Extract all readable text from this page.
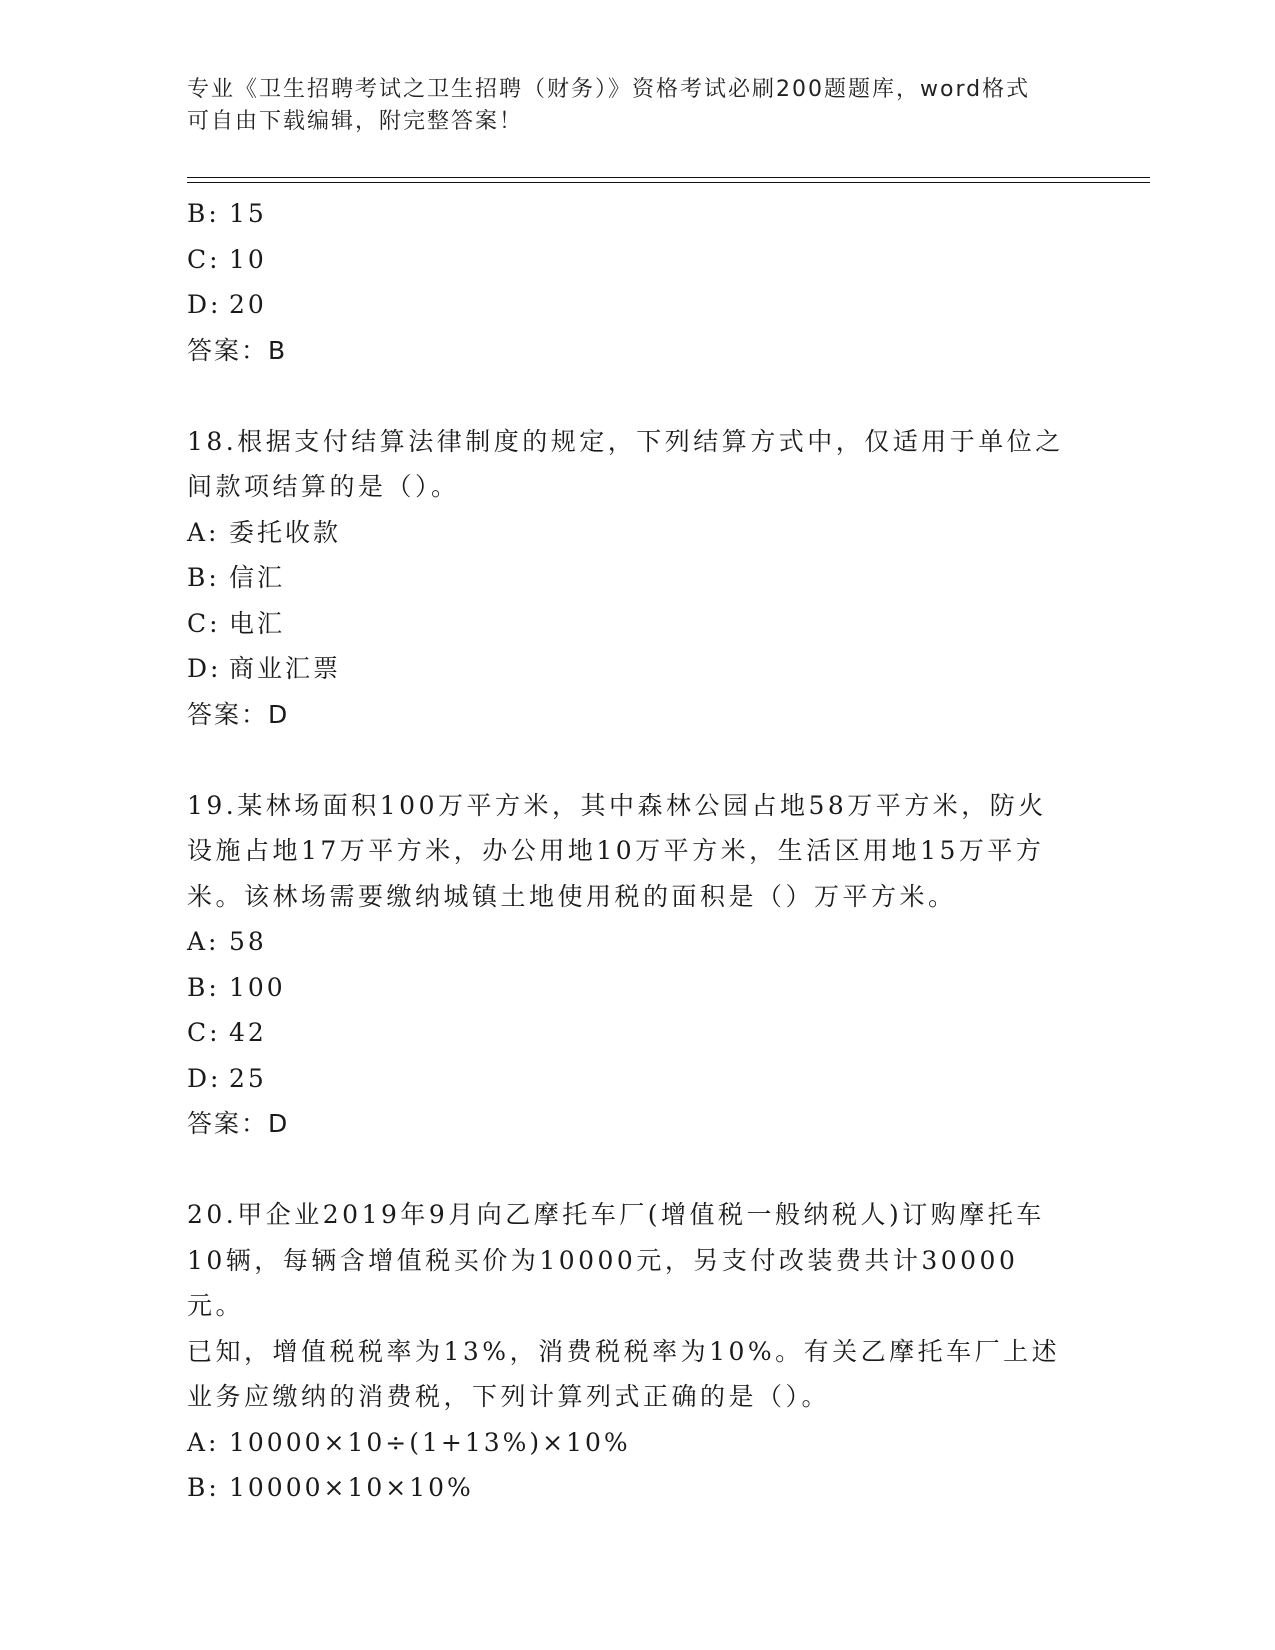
专业《卫生招聘考试之卫生招聘（财务）》资格考试必刷200题题库，word格式
可自由下载编辑，附完整答案！
B: 15
C: 10
D: 20
答案：B
18.根据支付结算法律制度的规定，下列结算方式中，仅适用于单位之
间款项结算的是（）。
A: 委托收款
B: 信汇
C: 电汇
D: 商业汇票
答案：D
19.某林场面积100万平方米，其中森林公园占地58万平方米，防火
设施占地17万平方米，办公用地10万平方米，生活区用地15万平方
米。该林场需要缴纳城镇土地使用税的面积是（）万平方米。
A: 58
B: 100
C: 42
D: 25
答案：D
20.甲企业2019年9月向乙摩托车厂(增值税一般纳税人)订购摩托车
10辆，每辆含增值税买价为10000元，另支付改装费共计30000元。
已知，增值税税率为13%，消费税税率为10%。有关乙摩托车厂上述
业务应缴纳的消费税，下列计算列式正确的是（）。
A: 10000×10÷(1+13%)×10%
B: 10000×10×10%
